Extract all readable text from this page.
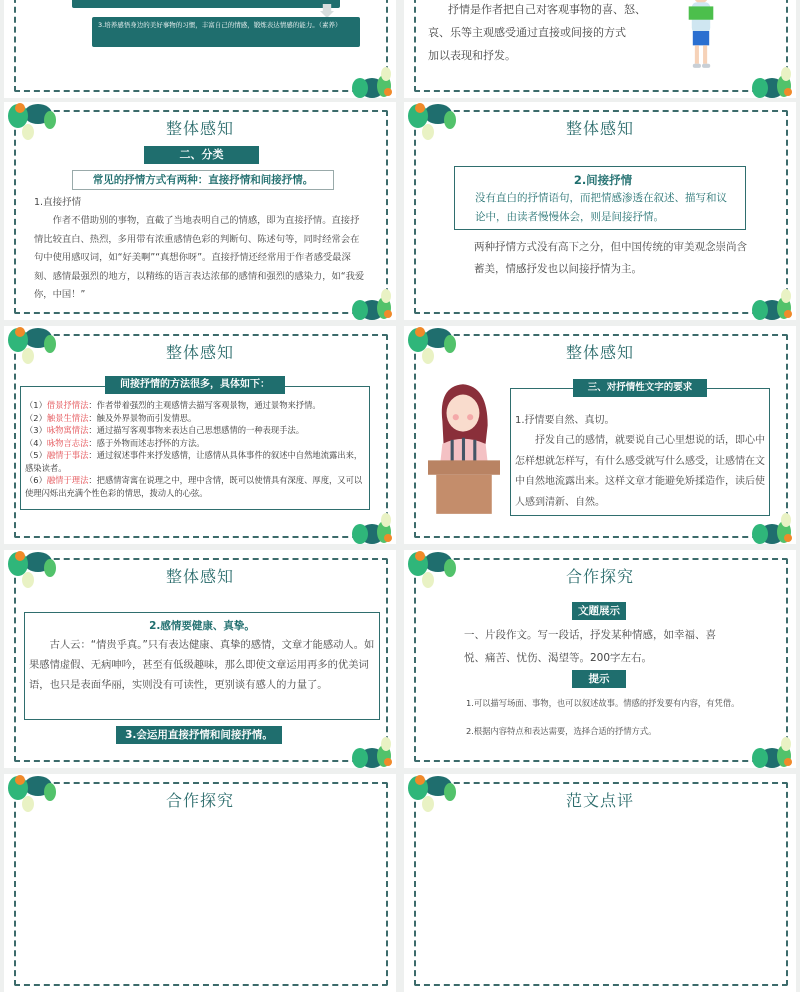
3.培养感悟身边的美好事物的习惯，丰富自己的情感，锻炼表达情感的能力。（素养）
抒情是作者把自己对客观事物的喜、怒、
哀、乐等主观感受通过直接或间接的方式
加以表现和抒发。
整体感知
二、分类
常见的抒情方式有两种：直接抒情和间接抒情。
1.直接抒情
作者不借助别的事物，直截了当地表明自己的情感，即为直接抒情。直接抒情比较直白、热烈，多用带有浓重感情色彩的判断句、陈述句等，同时经常会在句中使用感叹词，如“好美啊”“真想你呀”。直接抒情还经常用于作者感受最深刻、感情最强烈的地方，以精练的语言表达浓郁的感情和强烈的感染力，如“我爱你，中国！”
整体感知
2.间接抒情
没有直白的抒情语句，而把情感渗透在叙述、描写和议论中，由读者慢慢体会，则是间接抒情。
两种抒情方式没有高下之分，但中国传统的审美观念崇尚含蓄美，情感抒发也以间接抒情为主。
整体感知
间接抒情的方法很多，具体如下：
（1）借景抒情法：作者带着强烈的主观感情去描写客观景物，通过景物来抒情。
（2）触景生情法：触及外界景物而引发情思。
（3）咏物寓情法：通过描写客观事物来表达自己思想感情的一种表现手法。
（4）咏物言志法：感于外物而述志抒怀的方法。
（5）融情于事法：通过叙述事件来抒发感情，让感情从具体事件的叙述中自然地流露出来，感染读者。
（6）融情于理法：把感情寄寓在说理之中，理中含情，既可以使情具有深度、厚度，又可以使理闪烁出充满个性色彩的情思，拨动人的心弦。
整体感知
三、对抒情性文字的要求
1.抒情要自然、真切。
抒发自己的感情，就要说自己心里想说的话，即心中怎样想就怎样写，有什么感受就写什么感受，让感情在文中自然地流露出来。这样文章才能避免矫揉造作，读后使人感到清新、自然。
整体感知
2.感情要健康、真挚。
古人云：“情贵乎真。”只有表达健康、真挚的感情，文章才能感动人。如果感情虚假、无病呻吟，甚至有低级趣味，那么即使文章运用再多的优美词语，也只是表面华丽，实则没有可读性，更别谈有感人的力量了。
3.会运用直接抒情和间接抒情。
合作探究
文题展示
一、片段作文。写一段话，抒发某种情感，如幸福、喜悦、痛苦、忧伤、渴望等。200字左右。
提示
1.可以描写场面、事物，也可以叙述故事。情感的抒发要有内容，有凭借。
2.根据内容特点和表达需要，选择合适的抒情方式。
合作探究	范文点评
